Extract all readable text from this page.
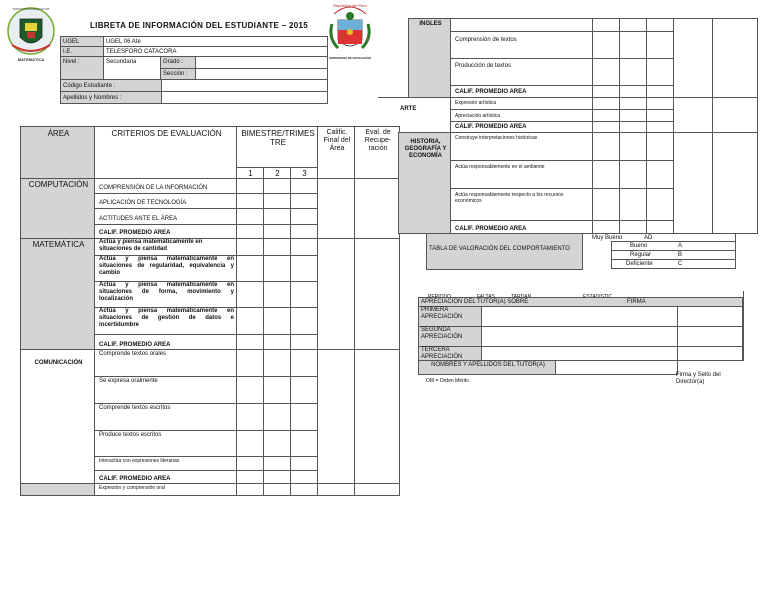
INSTITUCIÓN EDUCATIVA
MATEMÁTICA
República del Perú
MINISTERIO DE EDUCACIÓN
LIBRETA DE INFORMACIÓN DEL ESTUDIANTE – 2015
UGEL	UGEL 06 Ate
I.E.	TELESFORO CATACORA
Nivel :	Secundaria	Grado :
Sección :
Código Estudiante :
Apellidos y Nombres :
ÁREA	CRITERIOS DE EVALUACIÓN	BIMESTRE/TRIMESTRE
1	2	3
Calific. Final del Área
Eval. de Recupe- ración
COMPUTACIÓN	COMPRENSIÓN DE LA INFORMACIÓN
APLICACIÓN DE TECNOLOGÍA
ACTITUDES ANTE EL ÁREA
CALIF. PROMEDIO AREA
MATEMÁTICA	Actúa y piensa matemáticamente en situaciones de cantidad
Actúa y piensa matemáticamente en situaciones de regularidad, equivalencia y cambio
Actúa y piensa matemáticamente en situaciones de forma, movimiento y localización
Actúa y piensa matemáticamente en situaciones de gestión de datos e incertidumbre
CALIF. PROMEDIO AREA
COMUNICACIÓN
Comprende textos orales
Se expresa oralmente
Comprende textos escritos
Produce textos escritos
Interactúa con expresiones literarias
CALIF. PROMEDIO AREA
Expresión y comprensión oral
INGLES
Comprensión de textos
Producción de textos
CALIF. PROMEDIO AREA
ARTE
Expresión artística
Apreciación artística
CALIF. PROMEDIO AREA
HISTORIA, GEOGRAFÍA Y ECONOMÍA
Construye interpretaciones históricas
Actúa responsablemente en el ambiente
Actúa responsablemente respecto a los recursos económicos
CALIF. PROMEDIO AREA
TABLA DE VALORACIÓN DEL COMPORTAMIENTO
Muy Bueno	AD
Bueno	A
Regular	B
Deficiente	C
APRECIACIÓN DEL TUTOR(A) SOBRE	FIRMA
PRIMERA APRECIACIÓN
SEGUNDA APRECIACIÓN
TERCERA APRECIACIÓN
NOMBRES Y APELLIDOS DEL TUTOR(A)
Firma y Sello del Director(a)
OM = Orden Mérito
